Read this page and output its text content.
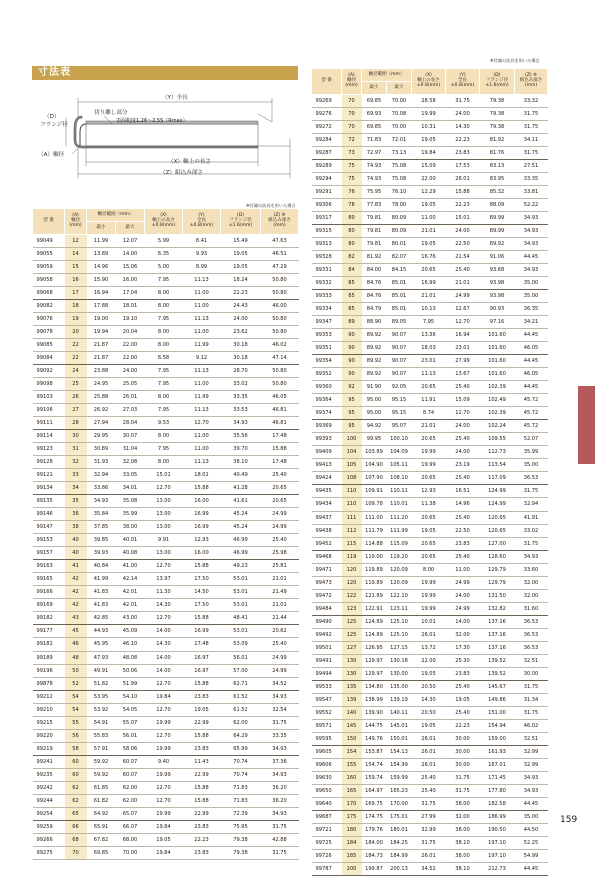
寸法表
（Y）全長
切り離し部分
表面粗度1.26～2.5S（Rmax）
（D）
フランジ径
（A）軸径
（X）軸上の長さ
（Z）組込み深さ
※付属の治具を用いた場合
※付属の治具を用いた場合
型 番	(A)
軸径
(mm)	軸径範囲（mm）		(X)
軸上の長さ
±0.8(mm)	(Y)
全長
±0.8(mm)	(D)
フランジ径
±1.6(mm)	(Z) ※
組込み深さ
(mm)
		最小	最大				
99049	12	11.99	12.07	5.99	8.41	15.49	47.63
99055	14	13.89	14.00	6.35	9.93	19.05	46.51
99059	15	14.96	15.06	5.00	8.99	19.05	47.29
99058	16	15.90	16.00	7.95	11.13	18.24	50.80
99068	17	16.94	17.04	8.00	11.00	22.23	50.80
99082	18	17.88	18.01	8.00	11.00	24.43	46.00
99076	19	19.00	19.10	7.95	11.13	24.00	50.80
99078	20	19.94	20.04	8.00	11.00	23.62	50.80
99085	22	21.87	22.00	8.00	11.99	30.18	46.02
99084	22	21.87	22.00	6.58	9.12	30.18	47.14
99092	24	23.88	24.00	7.95	11.13	28.70	50.80
99098	25	24.95	25.05	7.95	11.00	33.02	50.80
99103	26	25.88	26.01	8.00	11.99	33.35	46.05
99106	27	26.92	27.03	7.95	11.13	33.53	46.81
99111	28	27.94	28.04	9.53	12.70	34.93	46.81
99114	30	29.95	30.07	8.00	11.00	35.56	17.48
99123	31	30.89	31.04	7.95	11.00	39.70	15.88
99128	32	31.93	32.08	8.00	11.13	38.10	17.48
99121	33	32.94	33.05	15.01	18.01	40.49	25.40
99134	34	33.86	34.01	12.70	15.88	41.28	20.65
99135	35	34.93	35.08	13.00	16.00	41.61	20.65
99146	36	35.84	35.99	13.00	16.99	45.24	24.99
99147	38	37.85	38.00	13.00	16.99	45.24	24.99
99153	40	39.85	40.01	9.91	12.93	46.99	25.40
99157	40	39.93	40.08	13.00	16.00	46.99	25.98
99163	41	40.84	41.00	12.70	15.88	49.23	25.81
99165	42	41.99	42.14	13.97	17.50	53.01	21.01
99166	42	41.83	42.01	11.30	14.50	53.01	21.49
99169	42	41.83	42.01	14.30	17.50	53.01	21.01
99182	43	42.85	43.00	12.70	15.88	48.41	21.44
99177	45	44.93	45.09	14.00	16.99	53.01	20.62
99181	46	45.95	46.10	14.30	17.48	53.09	25.40
99189	48	47.93	48.08	14.00	16.97	56.01	24.99
99196	50	49.91	50.06	14.00	16.97	57.00	24.99
99878	52	51.82	51.99	12.70	15.88	62.71	34.52
99212	54	53.95	54.10	19.84	23.83	61.52	34.93
99210	54	53.92	54.05	12.70	19.05	61.52	32.54
99215	55	54.91	55.07	19.99	22.99	62.00	31.75
99220	56	55.83	56.01	12.70	15.88	64.29	33.35
99219	58	57.91	58.06	19.99	23.83	65.99	34.93
99241	60	59.92	60.07	9.40	11.43	70.74	37.36
99235	60	59.92	60.07	19.99	22.99	70.74	34.93
99242	62	61.85	62.00	12.70	15.88	71.83	36.20
99244	62	61.82	62.00	12.70	15.88	71.83	36.20
99254	65	64.92	65.07	19.99	22.99	72.39	34.93
99259	66	65.91	66.07	19.84	23.83	75.95	31.75
99266	68	67.82	68.00	19.05	22.23	79.38	42.88
99275	70	69.85	70.00	19.84	23.83	79.38	31.75
型 番	(A)
軸径
(mm)	軸径範囲（mm）		(X)
軸上の長さ
±0.8(mm)	(Y)
全長
±0.8(mm)	(D)
フランジ径
±1.6(mm)	(Z) ※
組込み深さ
(mm)
		最小	最大				
99269	70	69.85	70.00	28.58	31.75	79.38	33.32
99276	70	69.93	70.08	19.99	24.00	79.38	31.75
99272	70	69.85	70.00	10.31	14.30	79.38	31.75
99284	72	71.83	72.01	19.05	22.23	81.92	34.11
99287	73	72.97	73.13	19.84	23.83	81.76	31.75
99289	75	74.93	75.08	15.09	17.53	83.13	27.51
99294	75	74.93	75.08	22.00	26.01	83.95	33.35
99291	76	75.95	76.10	12.29	15.88	85.32	33.81
99306	78	77.83	78.00	19.05	22.23	88.09	52.22
99317	80	79.81	80.09	11.00	15.01	89.99	34.93
99315	80	79.81	80.09	21.01	24.00	89.99	34.93
99313	80	79.81	80.01	19.05	22.50	89.92	34.93
99328	82	81.92	82.07	16.76	21.54	91.06	44.45
99331	84	84.00	84.15	20.65	25.40	93.68	34.93
99332	85	84.76	85.01	16.99	21.01	93.98	35.00
99333	85	84.76	85.01	21.01	24.99	93.98	35.00
99334	85	84.79	85.01	10.13	12.67	90.93	36.35
99347	89	88.90	89.05	7.95	12.70	97.16	34.21
99353	90	89.92	90.07	13.36	16.94	101.60	44.45
99351	90	89.92	90.07	18.03	23.01	101.60	46.05
99354	90	89.92	90.07	23.01	27.99	101.60	44.45
99352	90	89.92	90.07	11.13	13.67	101.60	46.05
99360	92	91.90	92.05	20.65	25.40	102.39	44.45
99364	95	95.00	95.15	11.91	15.09	102.49	45.72
99374	95	95.00	95.15	8.74	12.70	102.39	45.72
99369	95	94.92	95.07	21.01	24.00	102.24	45.72
99393	100	99.95	100.10	20.65	25.40	109.55	52.07
99409	104	103.89	104.09	19.99	24.00	112.73	35.99
99413	105	104.90	105.11	19.99	23.19	113.54	35.00
99424	108	107.90	108.10	20.65	25.40	117.09	36.53
99435	110	109.91	110.11	12.93	16.51	124.99	31.75
99434	110	109.78	110.01	11.38	14.96	124.99	32.94
99437	111	111.00	111.20	20.65	25.40	120.65	41.91
99438	112	111.79	111.99	19.05	22.50	120.65	33.02
99452	115	114.88	115.09	20.65	23.83	127.00	31.75
99468	119	119.00	119.20	20.65	25.40	128.60	34.93
99471	120	119.89	120.09	8.00	11.00	129.79	33.60
99473	120	119.89	120.09	19.99	24.99	129.79	32.00
99472	122	121.89	122.10	19.99	24.00	131.50	32.00
99484	123	122.91	123.11	19.99	24.99	132.82	31.60
99490	125	124.89	125.10	10.01	14.00	137.16	36.53
99492	125	124.89	125.10	26.01	32.00	137.16	36.53
99501	127	126.95	127.15	13.72	17.30	137.16	36.53
99491	130	129.97	130.18	22.00	25.30	139.52	32.51
99494	130	129.97	130.00	19.05	23.83	139.52	30.00
99533	135	134.80	135.00	20.50	25.40	145.67	31.75
99547	139	138.99	139.19	14.30	19.05	149.86	31.34
99552	140	139.90	140.11	20.50	25.40	151.00	31.75
99571	145	144.75	145.01	19.05	22.23	154.94	46.02
99595	150	149.76	150.01	26.01	30.00	159.00	32.51
99605	154	153.87	154.13	26.01	30.00	161.93	32.99
99606	155	154.74	154.99	26.01	30.00	167.01	32.99
99630	160	159.74	159.99	25.40	31.75	171.45	34.93
99650	165	164.97	165.23	25.40	31.75	177.80	34.93
99640	170	169.75	170.00	31.75	38.00	182.58	44.45
99687	175	174.75	175.01	27.99	32.00	186.99	35.00
99721	180	179.76	180.01	32.99	38.00	190.50	44.50
99725	184	184.00	184.25	31.75	38.10	197.10	52.25
99726	185	184.73	184.99	26.01	38.00	197.10	54.99
99787	200	199.87	200.13	34.52	38.10	212.73	44.45
159
